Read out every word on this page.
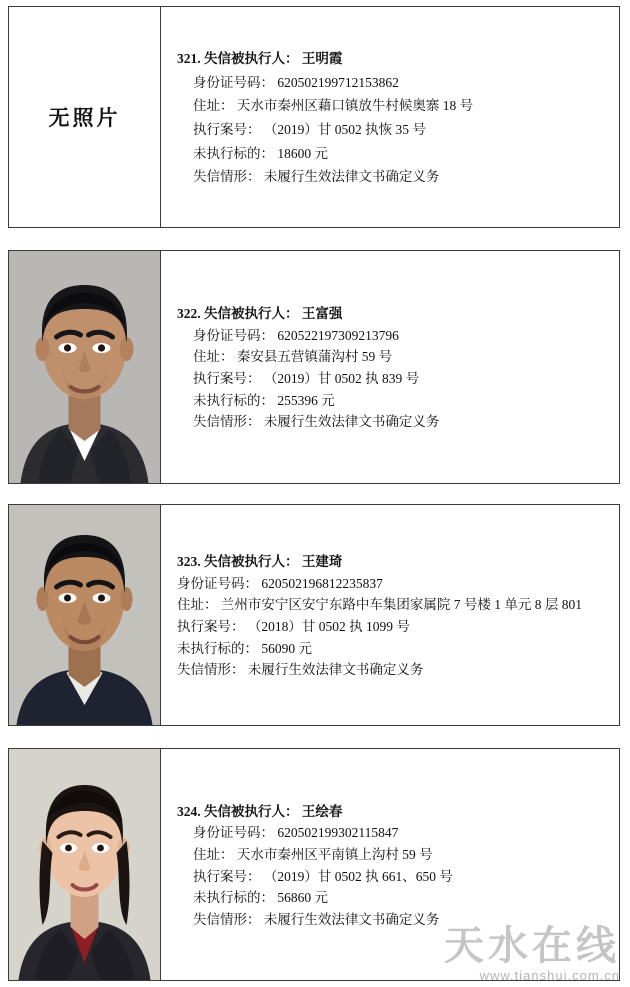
无照片
321. 失信被执行人： 王明霞
身份证号码： 620502199712153862
住址： 天水市秦州区藉口镇放牛村候奥寨 18 号
执行案号： （2019）甘 0502 执恢 35 号
未执行标的： 18600 元
失信情形： 未履行生效法律文书确定义务
322. 失信被执行人： 王富强
身份证号码： 620522197309213796
住址： 秦安县五营镇蒲沟村 59 号
执行案号： （2019）甘 0502 执 839 号
未执行标的： 255396 元
失信情形： 未履行生效法律文书确定义务
323. 失信被执行人： 王建琦
身份证号码： 620502196812235837
住址： 兰州市安宁区安宁东路中车集团家属院 7 号楼 1 单元 8 层 801
执行案号： （2018）甘 0502 执 1099 号
未执行标的： 56090 元
失信情形： 未履行生效法律文书确定义务
324. 失信被执行人： 王绘春
身份证号码： 620502199302115847
住址： 天水市秦州区平南镇上沟村 59 号
执行案号： （2019）甘 0502 执 661、650 号
未执行标的： 56860 元
失信情形： 未履行生效法律文书确定义务
天水在线
www.tianshui.com.cn
